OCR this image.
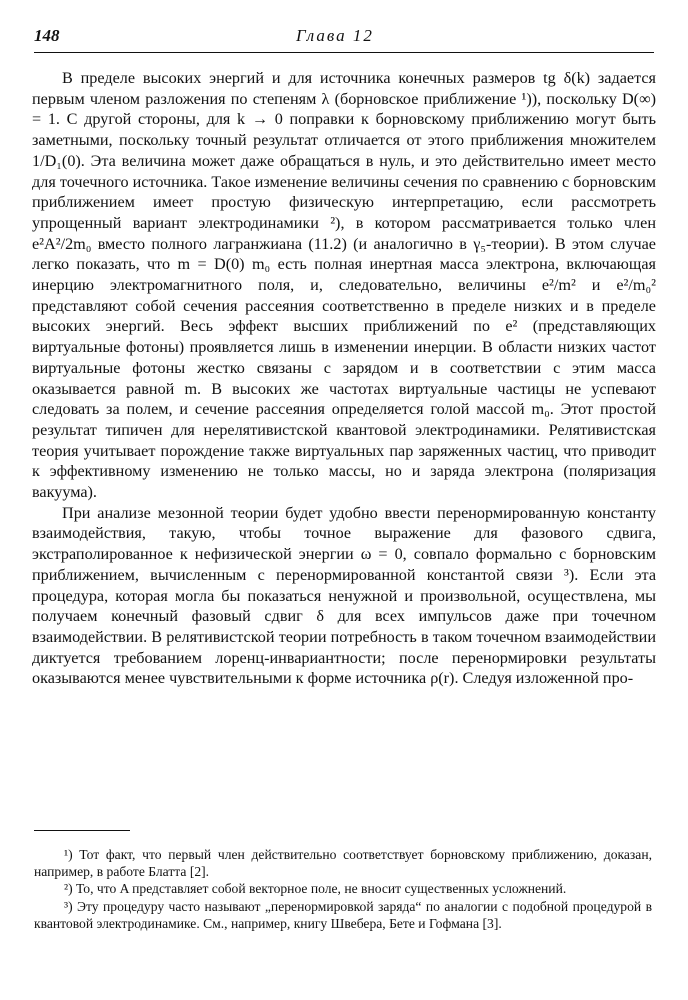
148	Глава 12

В пределе высоких энергий и для источника конечных размеров tg δ(k) задается первым членом разложения по степеням λ (борновское приближение ¹)), поскольку D(∞) = 1. С другой стороны, для k → 0 поправки к борновскому приближению могут быть заметными, поскольку точный результат отличается от этого приближения множителем 1/D₁(0). Эта величина может даже обращаться в нуль, и это действительно имеет место для точечного источника. Такое изменение величины сечения по сравнению с борновским приближением имеет простую физическую интерпретацию, если рассмотреть упрощенный вариант электродинамики ²), в котором рассматривается только член e²A²/2m₀ вместо полного лагранжиана (11.2) (и аналогично в γ₅-теории). В этом случае легко показать, что m = D(0) m₀ есть полная инертная масса электрона, включающая инерцию электромагнитного поля, и, следовательно, величины e²/m² и e²/m₀² представляют собой сечения рассеяния соответственно в пределе низких и в пределе высоких энергий. Весь эффект высших приближений по e² (представляющих виртуальные фотоны) проявляется лишь в изменении инерции. В области низких частот виртуальные фотоны жестко связаны с зарядом и в соответствии с этим масса оказывается равной m. В высоких же частотах виртуальные частицы не успевают следовать за полем, и сечение рассеяния определяется голой массой m₀. Этот простой результат типичен для нерелятивистской квантовой электродинамики. Релятивистская теория учитывает порождение также виртуальных пар заряженных частиц, что приводит к эффективному изменению не только массы, но и заряда электрона (поляризация вакуума).

При анализе мезонной теории будет удобно ввести перенормированную константу взаимодействия, такую, чтобы точное выражение для фазового сдвига, экстраполированное к нефизической энергии ω = 0, совпало формально с борновским приближением, вычисленным с перенормированной константой связи ³). Если эта процедура, которая могла бы показаться ненужной и произвольной, осуществлена, мы получаем конечный фазовый сдвиг δ для всех импульсов даже при точечном взаимодействии. В релятивистской теории потребность в таком точечном взаимодействии диктуется требованием лоренц-инвариантности; после перенормировки результаты оказываются менее чувствительными к форме источника ρ(r). Следуя изложенной про-

¹) Тот факт, что первый член действительно соответствует борновскому приближению, доказан, например, в работе Блатта [2].

²) То, что A представляет собой векторное поле, не вносит существенных усложнений.

³) Эту процедуру часто называют „перенормировкой заряда“ по аналогии с подобной процедурой в квантовой электродинамике. См., например, книгу Швебера, Бете и Гофмана [3].
